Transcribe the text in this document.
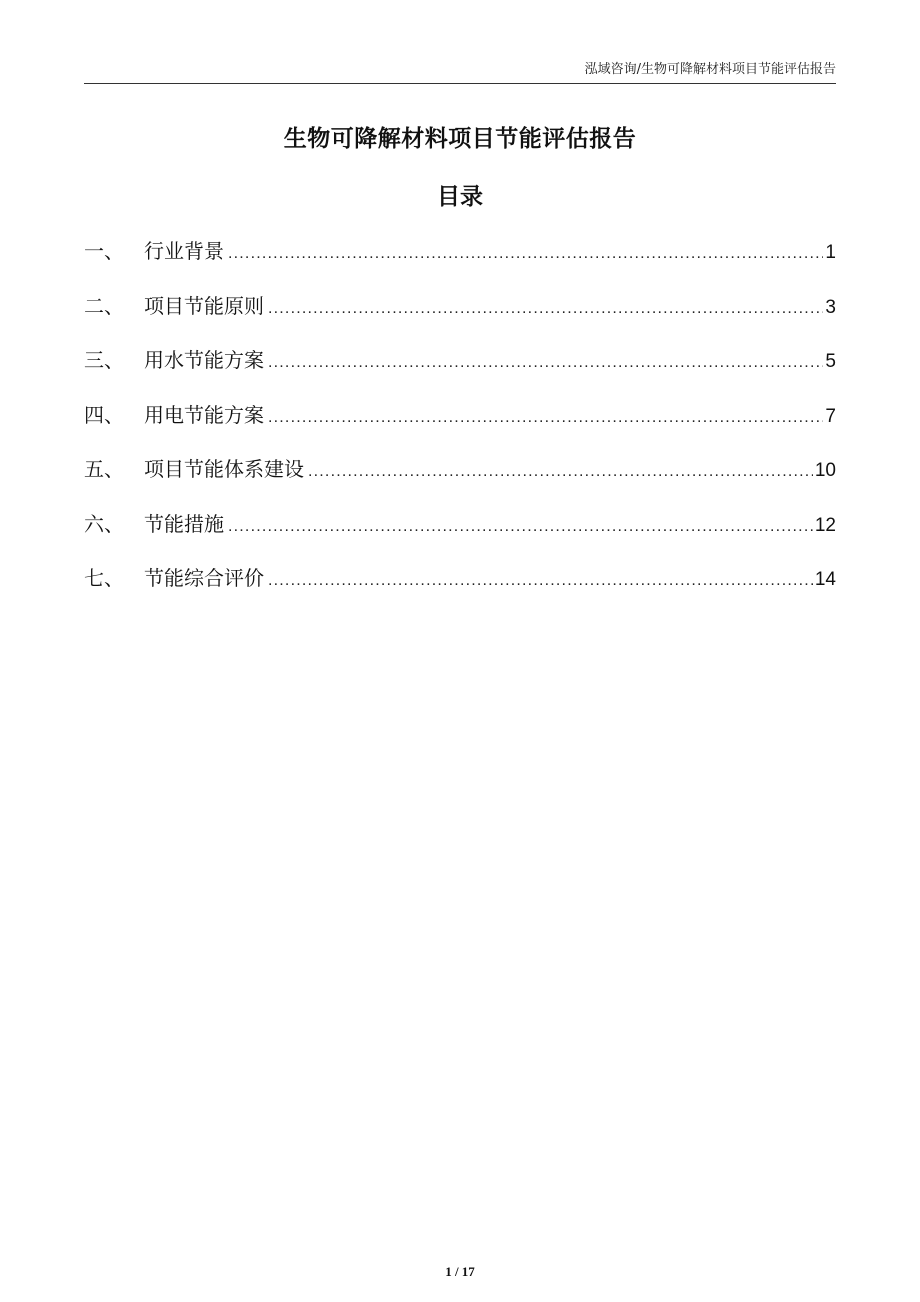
泓域咨询/生物可降解材料项目节能评估报告
生物可降解材料项目节能评估报告
目录
一、	行业背景 .....	1
二、	项目节能原则 .....	3
三、	用水节能方案 .....	5
四、	用电节能方案 .....	7
五、	项目节能体系建设 .....	10
六、	节能措施 .....	12
七、	节能综合评价 .....	14
1 / 17
